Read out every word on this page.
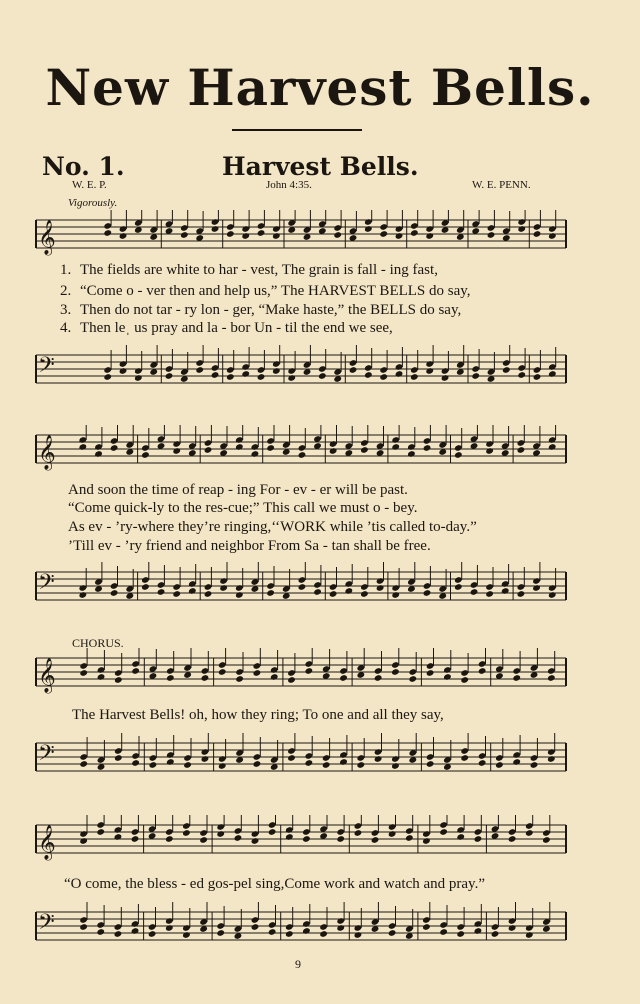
New Harvest Bells.
No. 1.	Harvest Bells.
W. E. P.	John 4:35.	W. E. PENN.
Vigorously.
𝄞
1. The fields are white to har - vest, The grain is fall - ing fast,
2. “Come o - ver then and help us,” The HARVEST BELLS do say,
3. Then do not tar - ry lon - ger, “Make haste,” the BELLS do say,
4. Then leˌ us pray and la - bor Un - til the end we see,
𝄢
𝄞
And soon the time of reap - ing For - ev - er will be past.
“Come quick-ly to the res-cue;” This call we must o - bey.
As ev - ’ry-where they’re ringing,‘‘WORK while ’tis called to-day.”
’Till ev - ’ry friend and neighbor From Sa - tan shall be free.
𝄢
CHORUS.
𝄞
The Harvest Bells! oh, how they ring; To one and all they say,
𝄢
𝄞
“O come, the bless - ed gos-pel sing,Come work and watch and pray.”
𝄢
9
